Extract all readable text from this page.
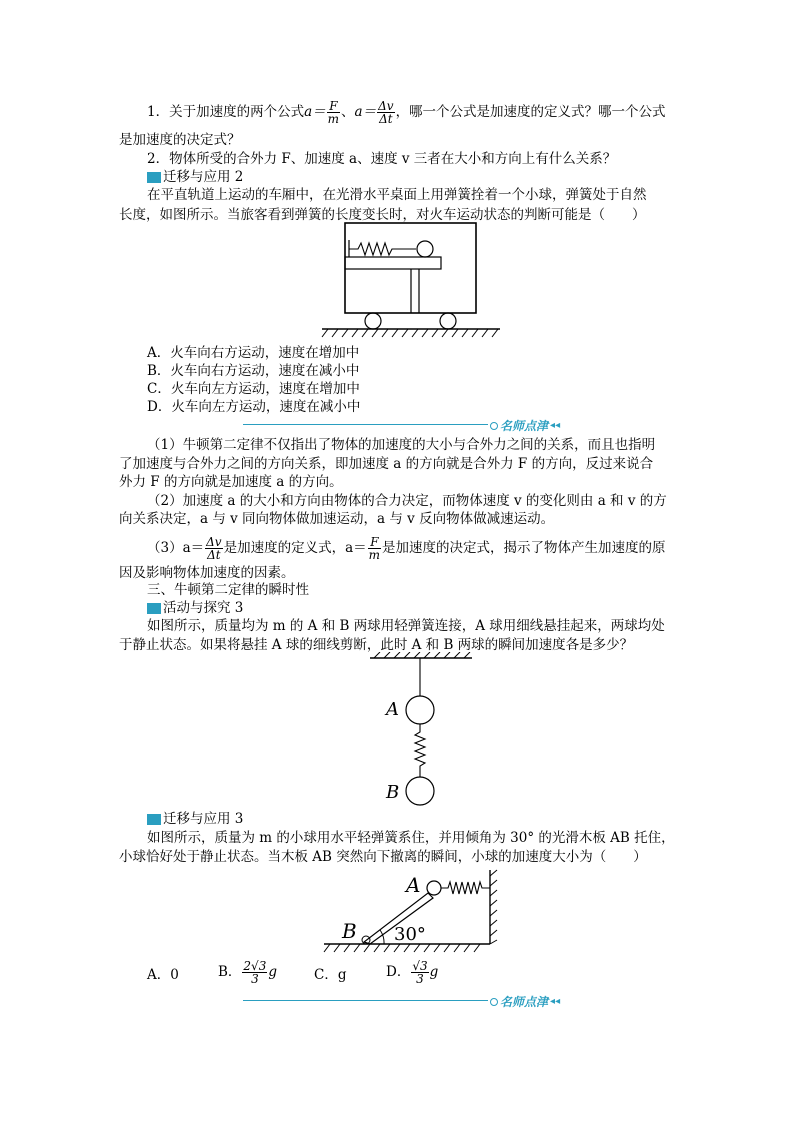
1．关于加速度的两个公式$a= \frac{F}{m}$ 、$a= \frac{\Delta v}{\Delta t}$ ，哪一个公式是加速度的定义式？哪一个公式
是加速度的决定式？
2．物体所受的合外力 F、加速度 a、速度 v 三者在大小和方向上有什么关系？
迁移与应用 2
在平直轨道上运动的车厢中，在光滑水平桌面上用弹簧拴着一个小球，弹簧处于自然
长度，如图所示。当旅客看到弹簧的长度变长时，对火车运动状态的判断可能是（　　）
A．火车向右方运动，速度在增加中
B．火车向右方运动，速度在减小中
C．火车向左方运动，速度在增加中
D．火车向左方运动，速度在减小中
名师 点 津 ◂◂
（1）牛顿第二定律不仅指出了物体的加速度的大小与合外力之间的关系，而且也指明
了加速度与合外力之间的方向关系，即加速度 a 的方向就是合外力 F 的方向，反过来说合
外力 F 的方向就是加速度 a 的方向。
（2）加速度 a 的大小和方向由物体的合力决定，而物体速度 v 的变化则由 a 和 v 的方
向关系决定，a 与 v 同向物体做加速运动，a 与 v 反向物体做减速运动。
$(3)a= \frac{\Delta v}{\Delta t}$ 是加速度的定义式，$a= \frac{F}{m}$ 是加速度的决定式，揭示了物体产生加速度的原
因及影响物体加速度的因素。
三、牛顿第二定律的瞬时性
活动与探究 3
如图所示，质量均为 m 的 A 和 B 两球用轻弹簧连接，A 球用细线悬挂起来，两球均处
于静止状态。如果将悬挂 A 球的细线剪断，此时 A 和 B 两球的瞬间加速度各是多少？
A
B
迁移与应用 3
如图所示，质量为 m 的小球用水平轻弹簧系住，并用倾角为 30° 的光滑木板 AB 托住，
小球恰好处于静止状态。当木板 AB 突然向下撤离的瞬间，小球的加速度大小为（　　）
A
B 30°
A．0	B． $\frac{2√3}{3}$ g	C．g	D． $\frac{√3}{3}$ g
名师 点 津 ◂◂
